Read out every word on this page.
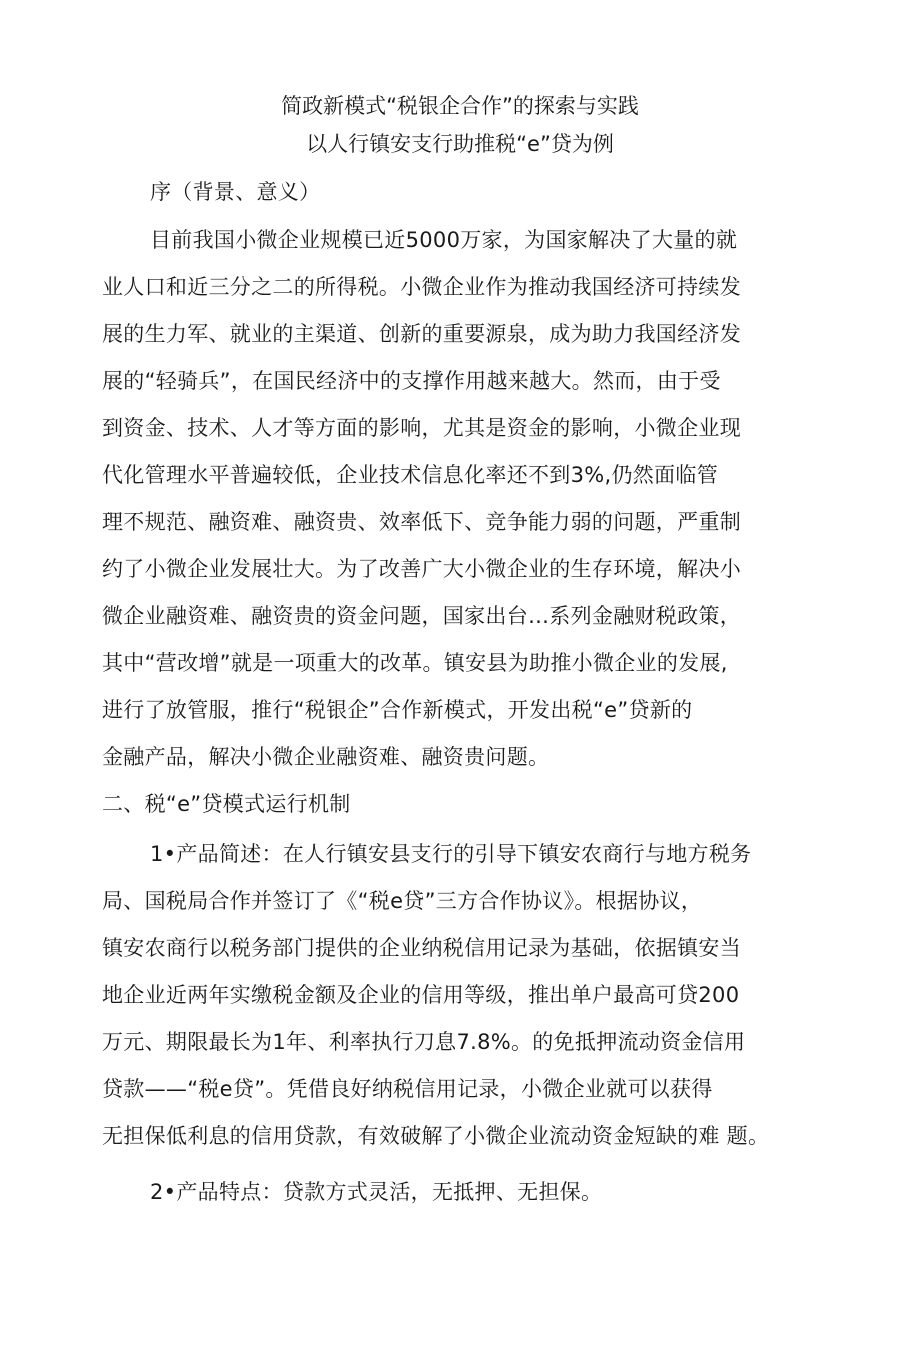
简政新模式“税银企合作”的探索与实践
以人行镇安支行助推税“e”贷为例
序（背景、意义）
目前我国小微企业规模已近5000万家，为国家解决了大量的就
业人口和近三分之二的所得税。小微企业作为推动我国经济可持续发
展的生力军、就业的主渠道、创新的重要源泉，成为助力我国经济发
展的“轻骑兵”，在国民经济中的支撑作用越来越大。然而，由于受
到资金、技术、人才等方面的影响，尤其是资金的影响，小微企业现
代化管理水平普遍较低，企业技术信息化率还不到3%,仍然面临管
理不规范、融资难、融资贵、效率低下、竞争能力弱的问题，严重制
约了小微企业发展壮大。为了改善广大小微企业的生存环境，解决小
微企业融资难、融资贵的资金问题，国家出台…系列金融财税政策，
其中“营改增”就是一项重大的改革。镇安县为助推小微企业的发展,
进行了放管服，推行“税银企”合作新模式，开发出税“e”贷新的
金融产品，解决小微企业融资难、融资贵问题。
二、税“e”贷模式运行机制
1•产品简述：在人行镇安县支行的引导下镇安农商行与地方税务
局、国税局合作并签订了《“税e贷”三方合作协议》。根据协议，
镇安农商行以税务部门提供的企业纳税信用记录为基础，依据镇安当
地企业近两年实缴税金额及企业的信用等级，推出单户最高可贷200
万元、期限最长为1年、利率执行刀息7.8%。的免抵押流动资金信用
贷款——“税e贷”。凭借良好纳税信用记录，小微企业就可以获得
无担保低利息的信用贷款，有效破解了小微企业流动资金短缺的难 题。
2•产品特点：贷款方式灵活，无抵押、无担保。
